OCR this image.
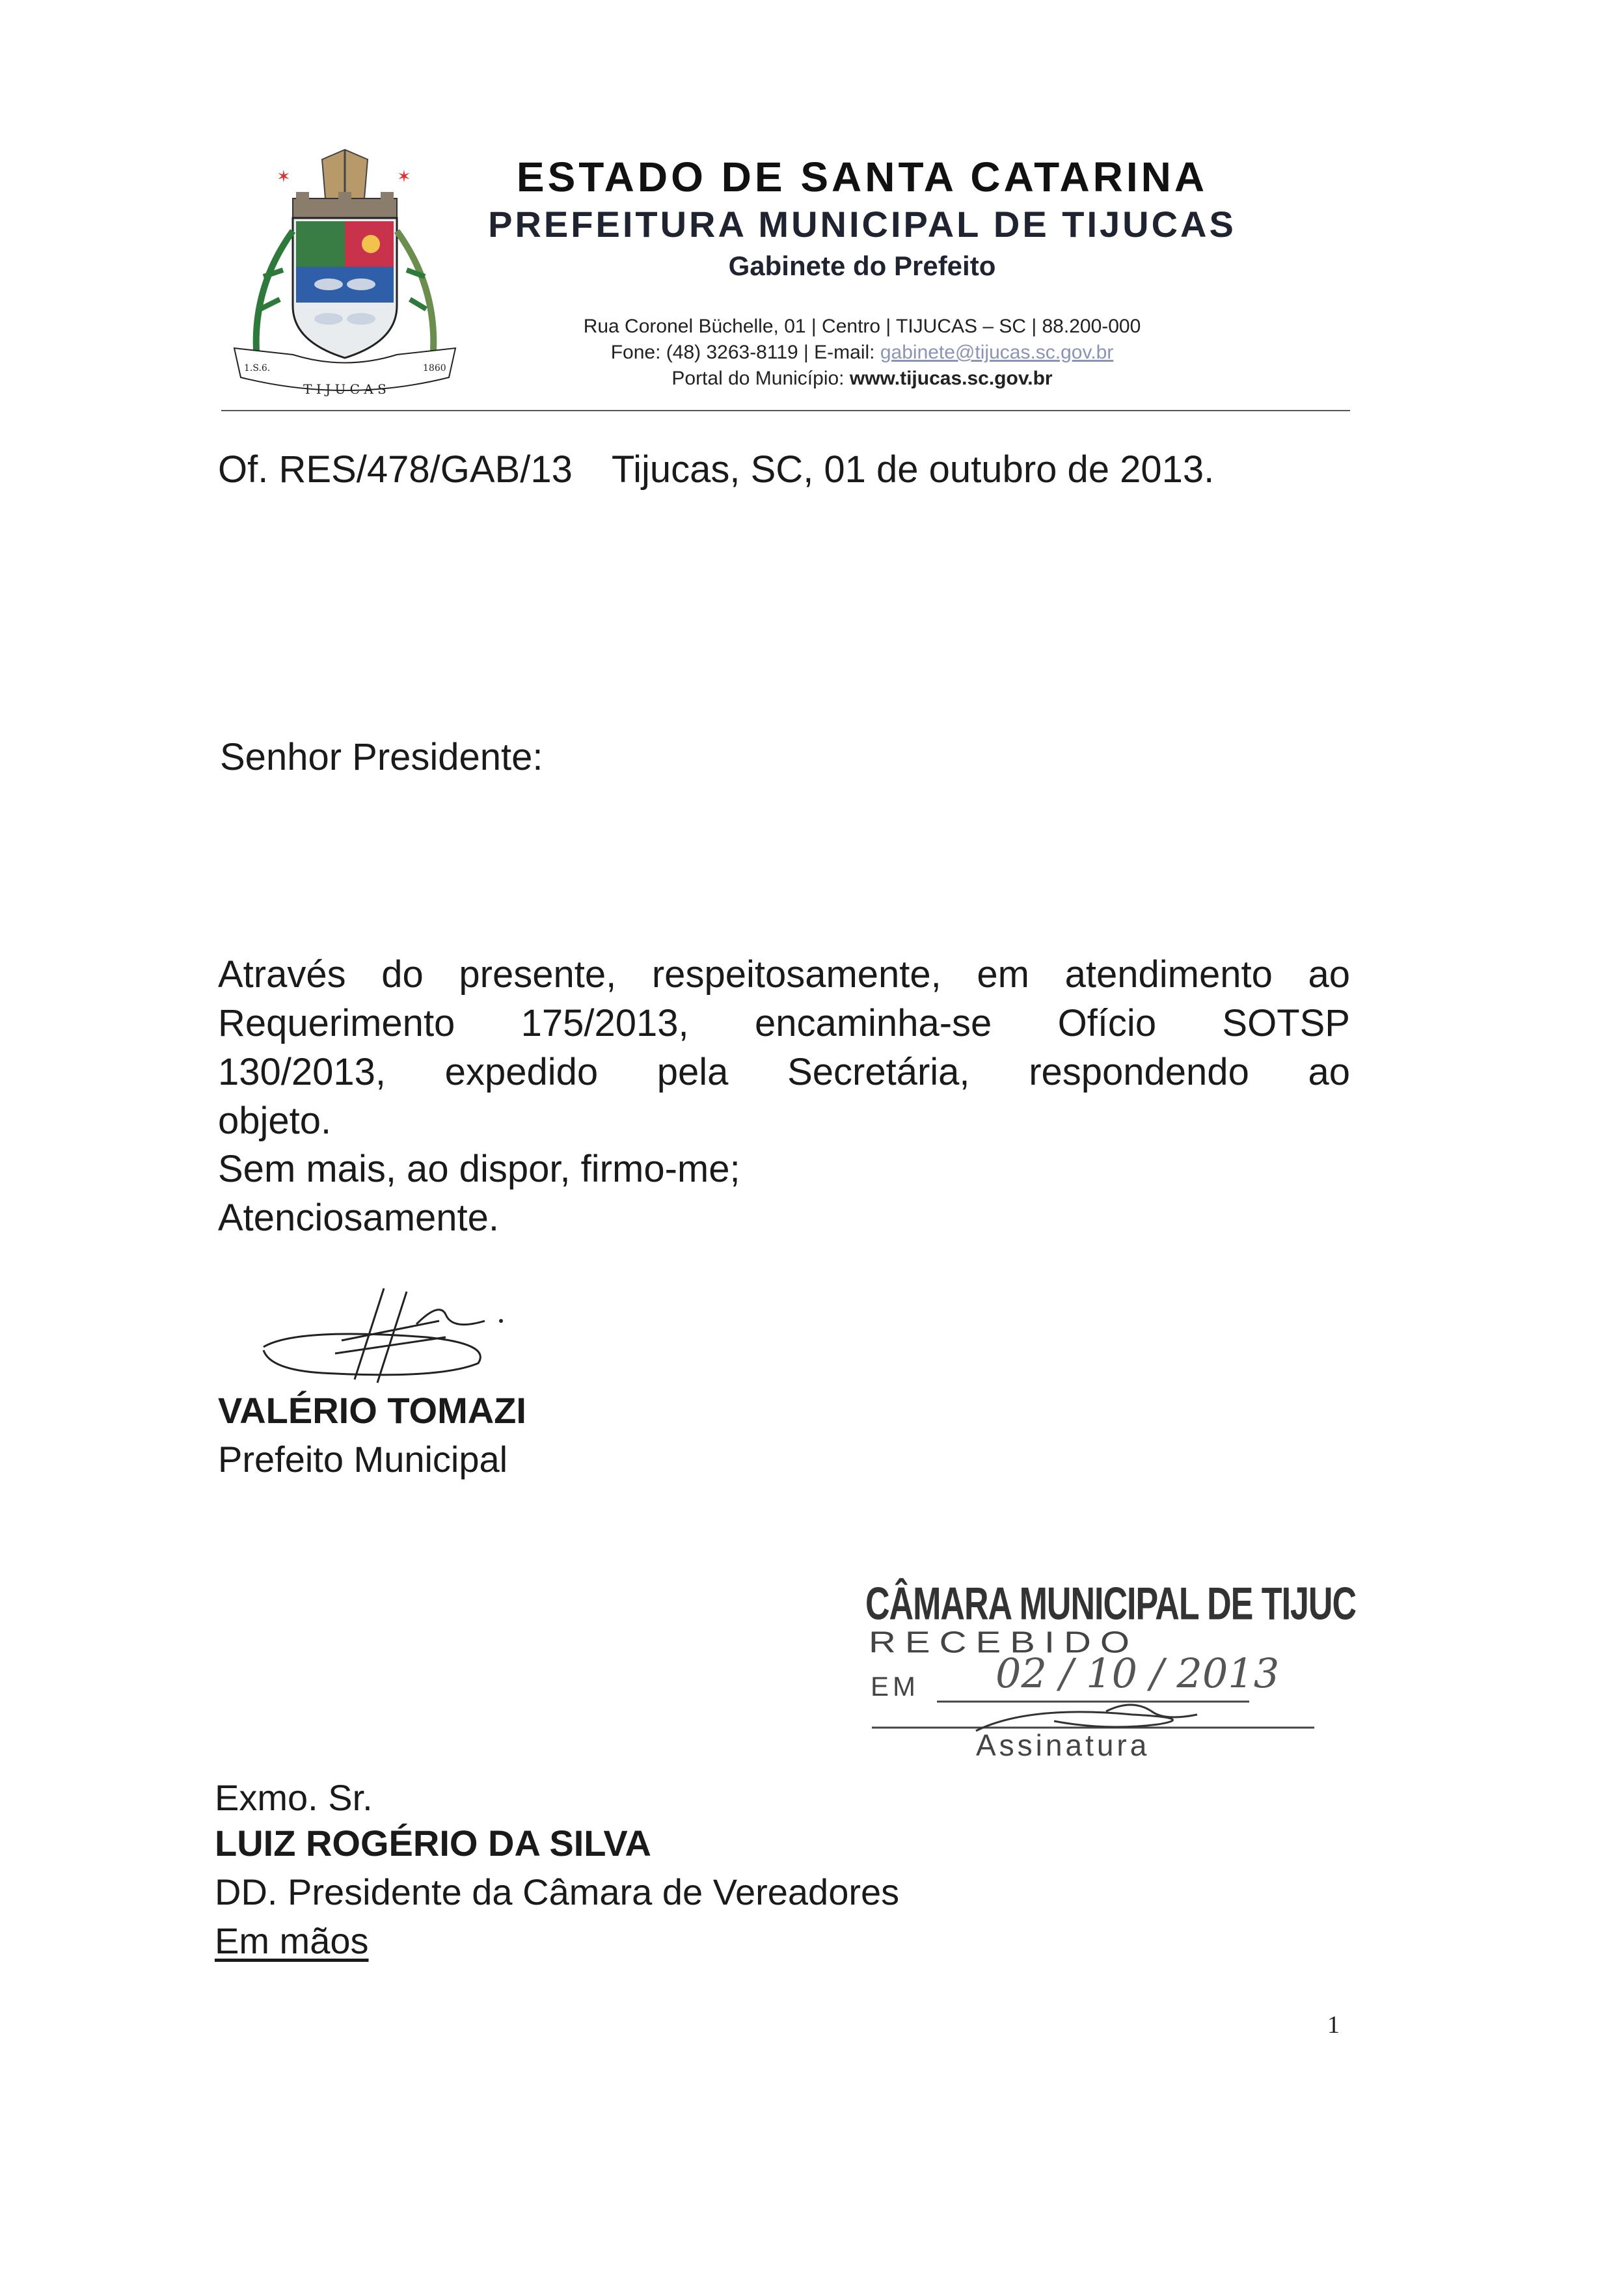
✶	✶
1.S.6.	1860
T I J U C A S
ESTADO DE SANTA CATARINA
PREFEITURA MUNICIPAL DE TIJUCAS
Gabinete do Prefeito
Rua Coronel Büchelle, 01 | Centro | TIJUCAS – SC | 88.200-000
Fone: (48) 3263-8119 | E-mail: gabinete@tijucas.sc.gov.br
Portal do Município: www.tijucas.sc.gov.br
Of. RES/478/GAB/13 Tijucas, SC, 01 de outubro de 2013.
Senhor Presidente:
Através do presente, respeitosamente, em atendimento ao
Requerimento 175/2013, encaminha-se Ofício SOTSP
130/2013, expedido pela Secretária, respondendo ao
objeto.
Sem mais, ao dispor, firmo-me;
Atenciosamente.
VALÉRIO TOMAZI
Prefeito Municipal
CÂMARA MUNICIPAL DE TIJUC
RECEBIDO
EM 02 / 10 / 2013
Assinatura
Exmo. Sr.
LUIZ ROGÉRIO DA SILVA
DD. Presidente da Câmara de Vereadores
Em mãos
1
